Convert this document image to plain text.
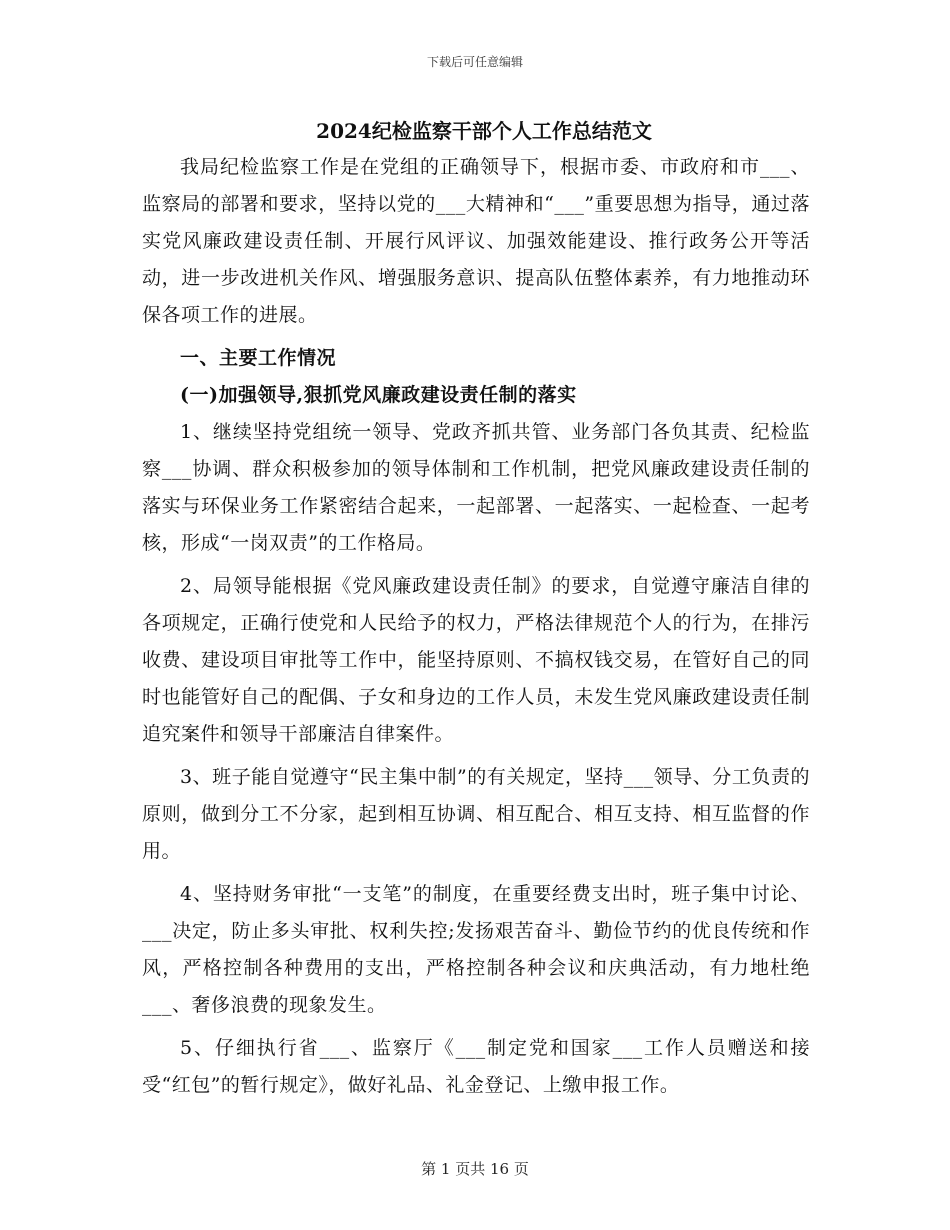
下载后可任意编辑
2024纪检监察干部个人工作总结范文

我局纪检监察工作是在党组的正确领导下，根据市委、市政府和市___、监察局的部署和要求，坚持以党的___大精神和“___”重要思想为指导，通过落实党风廉政建设责任制、开展行风评议、加强效能建设、推行政务公开等活动，进一步改进机关作风、增强服务意识、提高队伍整体素养，有力地推动环保各项工作的进展。

一、主要工作情况

(一)加强领导,狠抓党风廉政建设责任制的落实

1、继续坚持党组统一领导、党政齐抓共管、业务部门各负其责、纪检监察___协调、群众积极参加的领导体制和工作机制，把党风廉政建设责任制的落实与环保业务工作紧密结合起来，一起部署、一起落实、一起检查、一起考核，形成“一岗双责”的工作格局。

2、局领导能根据《党风廉政建设责任制》的要求，自觉遵守廉洁自律的各项规定，正确行使党和人民给予的权力，严格法律规范个人的行为，在排污收费、建设项目审批等工作中，能坚持原则、不搞权钱交易，在管好自己的同时也能管好自己的配偶、子女和身边的工作人员，未发生党风廉政建设责任制追究案件和领导干部廉洁自律案件。

3、班子能自觉遵守“民主集中制”的有关规定，坚持___领导、分工负责的原则，做到分工不分家，起到相互协调、相互配合、相互支持、相互监督的作用。

4、坚持财务审批“一支笔”的制度，在重要经费支出时，班子集中讨论、___决定，防止多头审批、权利失控;发扬艰苦奋斗、勤俭节约的优良传统和作风，严格控制各种费用的支出，严格控制各种会议和庆典活动，有力地杜绝___、奢侈浪费的现象发生。

5、仔细执行省___、监察厅《___制定党和国家___工作人员赠送和接受“红包”的暂行规定》，做好礼品、礼金登记、上缴申报工作。

第 1 页共 16 页
